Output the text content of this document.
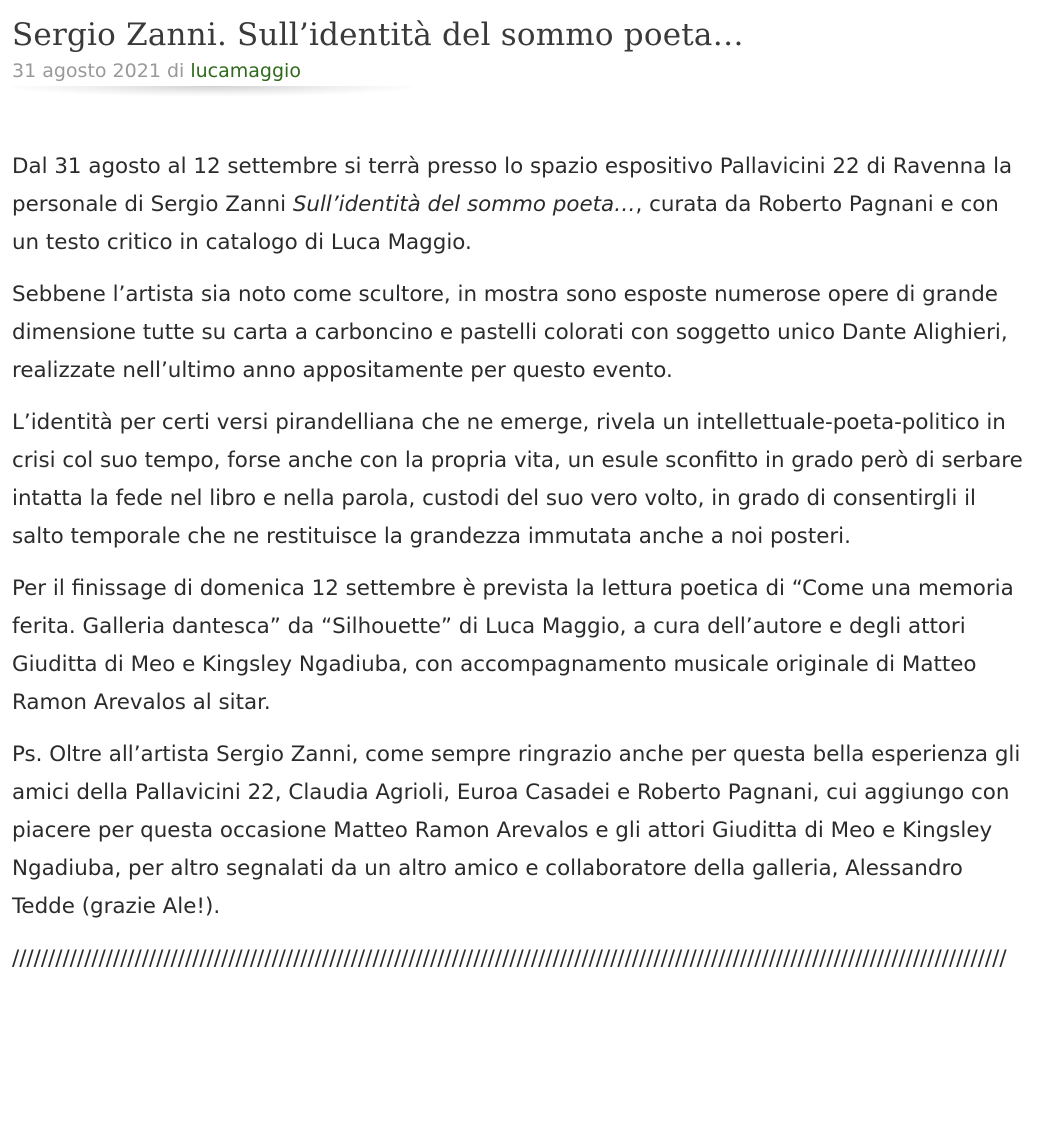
Sergio Zanni. Sull’identità del sommo poeta…
31 agosto 2021 di lucamaggio

Dal 31 agosto al 12 settembre si terrà presso lo spazio espositivo Pallavicini 22 di Ravenna la personale di Sergio Zanni Sull’identità del sommo poeta…, curata da Roberto Pagnani e con un testo critico in catalogo di Luca Maggio.

Sebbene l’artista sia noto come scultore, in mostra sono esposte numerose opere di grande dimensione tutte su carta a carboncino e pastelli colorati con soggetto unico Dante Alighieri, realizzate nell’ultimo anno appositamente per questo evento.

L’identità per certi versi pirandelliana che ne emerge, rivela un intellettuale-poeta-politico in crisi col suo tempo, forse anche con la propria vita, un esule sconfitto in grado però di serbare intatta la fede nel libro e nella parola, custodi del suo vero volto, in grado di consentirgli il salto temporale che ne restituisce la grandezza immutata anche a noi posteri.

Per il finissage di domenica 12 settembre è prevista la lettura poetica di “Come una memoria ferita. Galleria dantesca” da “Silhouette” di Luca Maggio, a cura dell’autore e degli attori Giuditta di Meo e Kingsley Ngadiuba, con accompagnamento musicale originale di Matteo Ramon Arevalos al sitar.

Ps. Oltre all’artista Sergio Zanni, come sempre ringrazio anche per questa bella esperienza gli amici della Pallavicini 22, Claudia Agrioli, Euroa Casadei e Roberto Pagnani, cui aggiungo con piacere per questa occasione Matteo Ramon Arevalos e gli attori Giuditta di Meo e Kingsley Ngadiuba, per altro segnalati da un altro amico e collaboratore della galleria, Alessandro Tedde (grazie Ale!).

//////////////////////////////////////////////////////////////////////////////////////////////////////////////////////////////////////////
